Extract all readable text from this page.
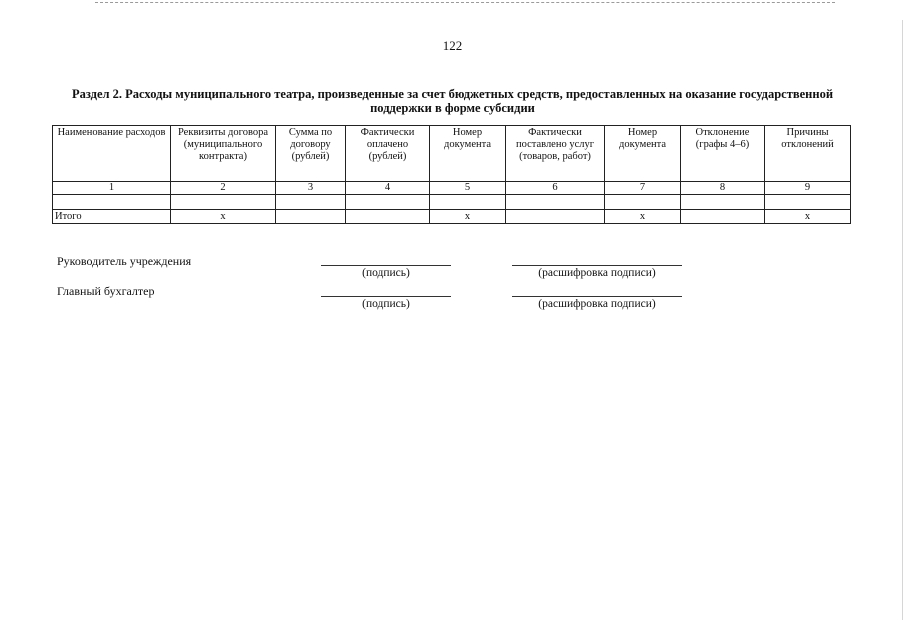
122
Раздел 2. Расходы муниципального театра, произведенные за счет бюджетных средств, предоставленных на оказание государственной поддержки в форме субсидии
Наименование расходов	Реквизиты договора (муниципального контракта)	Сумма по договору (рублей)	Фактически оплачено (рублей)	Номер документа	Фактически поставлено услуг (товаров, работ)	Номер документа	Отклонение (графы 4–6)	Причины отклонений
1	2	3	4	5	6	7	8	9

Итого	х			х		х		х
Руководитель учреждения
(подпись)	(расшифровка подписи)
Главный бухгалтер
(подпись)	(расшифровка подписи)
